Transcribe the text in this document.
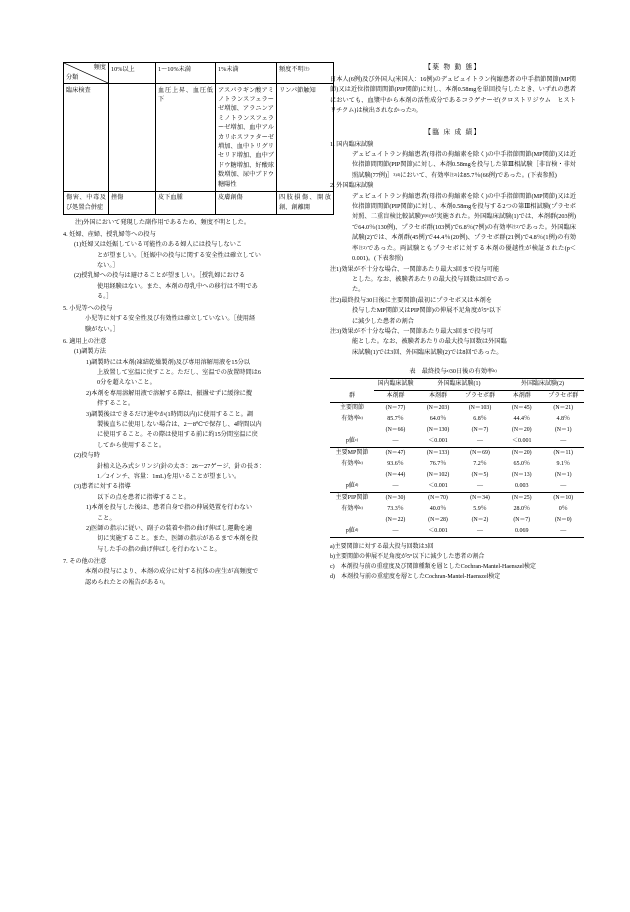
頻度
分類	10%以上	1〜10%未満	1%未満	頻度不明$^{注)}$
臨床検査		血圧上昇、血圧低下	アスパラギン酸アミノトランスフェラーゼ増加、アラニンアミノトランスフェラーゼ増加、血中アルカリホスファターゼ増加、血中トリグリセリド増加、血中ブドウ糖増加、好酸球数増加、尿中ブドウ糖陽性	リンパ節触知
傷害、中毒及び処置合併症	挫傷	皮下血腫	皮膚創傷	四肢損傷、開放創、創離開
注)外国において発現した副作用であるため、頻度不明とした。
4. 妊婦、産婦、授乳婦等への投与
(1)妊婦又は妊娠している可能性のある婦人には投与しないこ
とが望ましい。［妊娠中の投与に関する安全性は確立してい
ない。］
(2)授乳婦への投与は避けることが望ましい。［授乳婦における
使用経験はない。また、本剤の母乳中への移行は不明であ
る。］
5. 小児等への投与
小児等に対する安全性及び有効性は確立していない。［使用経
験がない。］
6. 適用上の注意
(1)調製方法
1)調製時には本剤(凍結乾燥製剤)及び専用溶解用液を15分以
上放置して室温に戻すこと。ただし、室温での放置時間は6
0分を超えないこと。
2)本剤を専用溶解用液で溶解する際は、振盪せずに緩徐に攪
拌すること。
3)調製後はできるだけ速やか(1時間以内)に使用すること。調
製後直ちに使用しない場合は、2〜8℃で保存し、4時間以内
に使用すること。その際は使用する前に約15分間室温に戻
してから使用すること。
(2)投与時
針植え込み式シリンジ(針の太さ：26〜27ゲージ、針の長さ：
1／2インチ、容量：1mL)を用いることが望ましい。
(3)患者に対する指導
以下の点を患者に指導すること。
1)本剤を投与した後は、患者自身で指の伸展処置を行わない
こと。
2)医師の指示に従い、副子の装着や指の曲げ伸ばし運動を適
切に実施すること。また、医師の指示があるまで本剤を投
与した手の指の曲げ伸ばしを行わないこと。
7. その他の注意
本剤の投与により、本剤の成分に対する抗体の産生が高頻度で
認められたとの報告がある$^{1)}$。
【薬 物 動 態】
日本人(6例)及び外国人(米国人：16例)のデュピュイトラン拘縮患者の中手指節関節(MP関節)又は近位指節間関節(PIP関節)に対し、本剤0.58mgを単回投与したとき、いずれの患者においても、血漿中から本剤の活性成分であるコラゲナーゼ(クロストリジウム　ヒストリチクム)は検出されなかった$^{2)}$。
【臨 床 成 績】
1. 国内臨床試験
デュピュイトラン拘縮患者(母指の拘縮素を除く)の中手指節関節(MP関節)又は近位指節間関節(PIP関節)に対し、本剤0.58mgを投与した第Ⅲ相試験［非盲検・非対照試験(77例)］$^{3)4)}$において、有効率$^{注2)}$は85.7％(66例)であった。(下表参照)
2. 外国臨床試験
デュピュイトラン拘縮患者(母指の拘縮素を除く)の中手指節関節(MP関節)又は近位指節間関節(PIP関節)に対し、本剤0.58mgを投与する2つの第Ⅲ相試験(プラセボ対照、二重盲検比較試験)$^{5)6)}$が実施された。外国臨床試験(1)では、本剤群(203例)で64.0％(130例)、プラセボ群(103例)で6.8％(7例)の有効率$^{注2)}$であった。外国臨床試験(2)では、本剤群(45例)で44.4％(20例)、プラセボ群(21例)で4.8％(1例)の有効率$^{注2)}$であった。両試験ともプラセボに対する本剤の優越性が検証された(p＜0.001)。(下表参照)
注1)効果が不十分な場合、一関節あたり最大3回まで投与可能
とした。なお、被験者あたりの最大投与回数は5回であっ
た。
注2)最終投与30日後に主要関節(最初にプラセボ又は本剤を
投与したMP関節又はPIP関節)の伸展不足角度が5°以下
に減少した患者の割合
注3)効果が不十分な場合、一関節あたり最大3回まで投与可
能とした。なお、被験者あたりの最大投与回数は外国臨
床試験(1)では3回、外国臨床試験(2)では8回であった。
表　最終投与$^{a)}$30日後の有効率$^{b)}$
	国内臨床試験	外国臨床試験(1)		外国臨床試験(2)	
群	本剤群	本剤群	プラセボ群	本剤群	プラセボ群
主要関節	(N＝77)	(N＝203)	(N＝103)	(N＝45)	(N＝21)
有効率$^{b)}$	85.7％	64.0％	6.8％	44.4％	4.8％
	(N＝66)	(N＝130)	(N＝7)	(N＝20)	(N＝1)
p値$^{c)}$	—	＜0.001	—	＜0.001	—
主要MP関節	(N＝47)	(N＝133)	(N＝69)	(N＝20)	(N＝11)
有効率$^{b)}$	93.6％	76.7％	7.2％	65.0％	9.1％
	(N＝44)	(N＝102)	(N＝5)	(N＝13)	(N＝1)
p値$^{d)}$	—	＜0.001	—	0.003	—
主要PIP関節	(N＝30)	(N＝70)	(N＝34)	(N＝25)	(N＝10)
有効率$^{b)}$	73.3％	40.0％	5.9％	28.0％	0％
	(N＝22)	(N＝28)	(N＝2)	(N＝7)	(N＝0)
p値$^{d)}$	—	＜0.001	—	0.069	—
a)主要関節に対する最大投与回数は3回
b)主要関節の伸展不足角度が5°以下に減少した患者の割合
c)　本剤投与前の重症度及び関節種類を層としたCochran-Mantel-Haenszel検定
d)　本剤投与前の重症度を層としたCochran-Mantel-Haenszel検定
